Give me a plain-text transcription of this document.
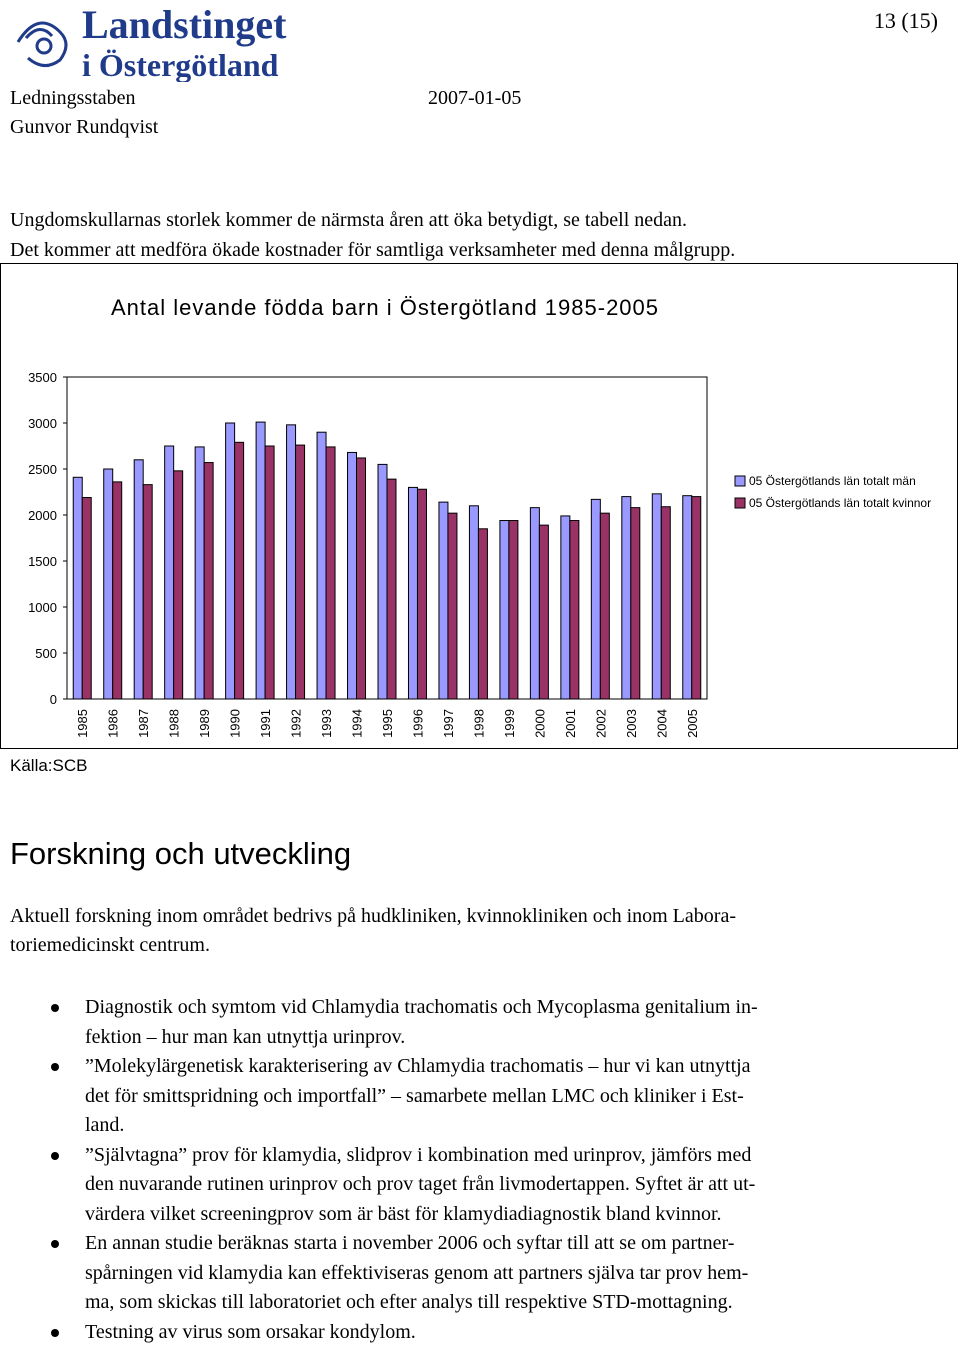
Landstinget
i Östergötland
13 (15)
Ledningsstaben	2007-01-05
Gunvor Rundqvist

Ungdomskullarnas storlek kommer de närmsta åren att öka betydigt, se tabell nedan.

Det kommer att medföra ökade kostnader för samtliga verksamheter med denna målgrupp.

Antal levande födda barn i Östergötland 1985-2005
0
500
1000
1500
2000
2500
3000
3500
1985 1986 1987 1988 1989 1990 1991 1992 1993 1994 1995 1996 1997 1998 1999 2000 2001 2002 2003 2004 2005
05 Östergötlands län totalt män
05 Östergötlands län totalt kvinnor
Källa:SCB
Forskning och utveckling

Aktuell forskning inom området bedrivs på hudkliniken, kvinnokliniken och inom Labora-

toriemedicinskt centrum.

Diagnostik och symtom vid Chlamydia trachomatis och Mycoplasma genitalium in-
fektion – hur man kan utnyttja urinprov.
”Molekylärgenetisk karakterisering av Chlamydia trachomatis – hur vi kan utnyttja
det för smittspridning och importfall” – samarbete mellan LMC och kliniker i Est-
land.
”Självtagna” prov för klamydia, slidprov i kombination med urinprov, jämförs med
den nuvarande rutinen urinprov och prov taget från livmodertappen. Syftet är att ut-
värdera vilket screeningprov som är bäst för klamydiadiagnostik bland kvinnor.
En annan studie beräknas starta i november 2006 och syftar till att se om partner-
spårningen vid klamydia kan effektiviseras genom att partners själva tar prov hem-
ma, som skickas till laboratoriet och efter analys till respektive STD-mottagning.
Testning av virus som orsakar kondylom.
